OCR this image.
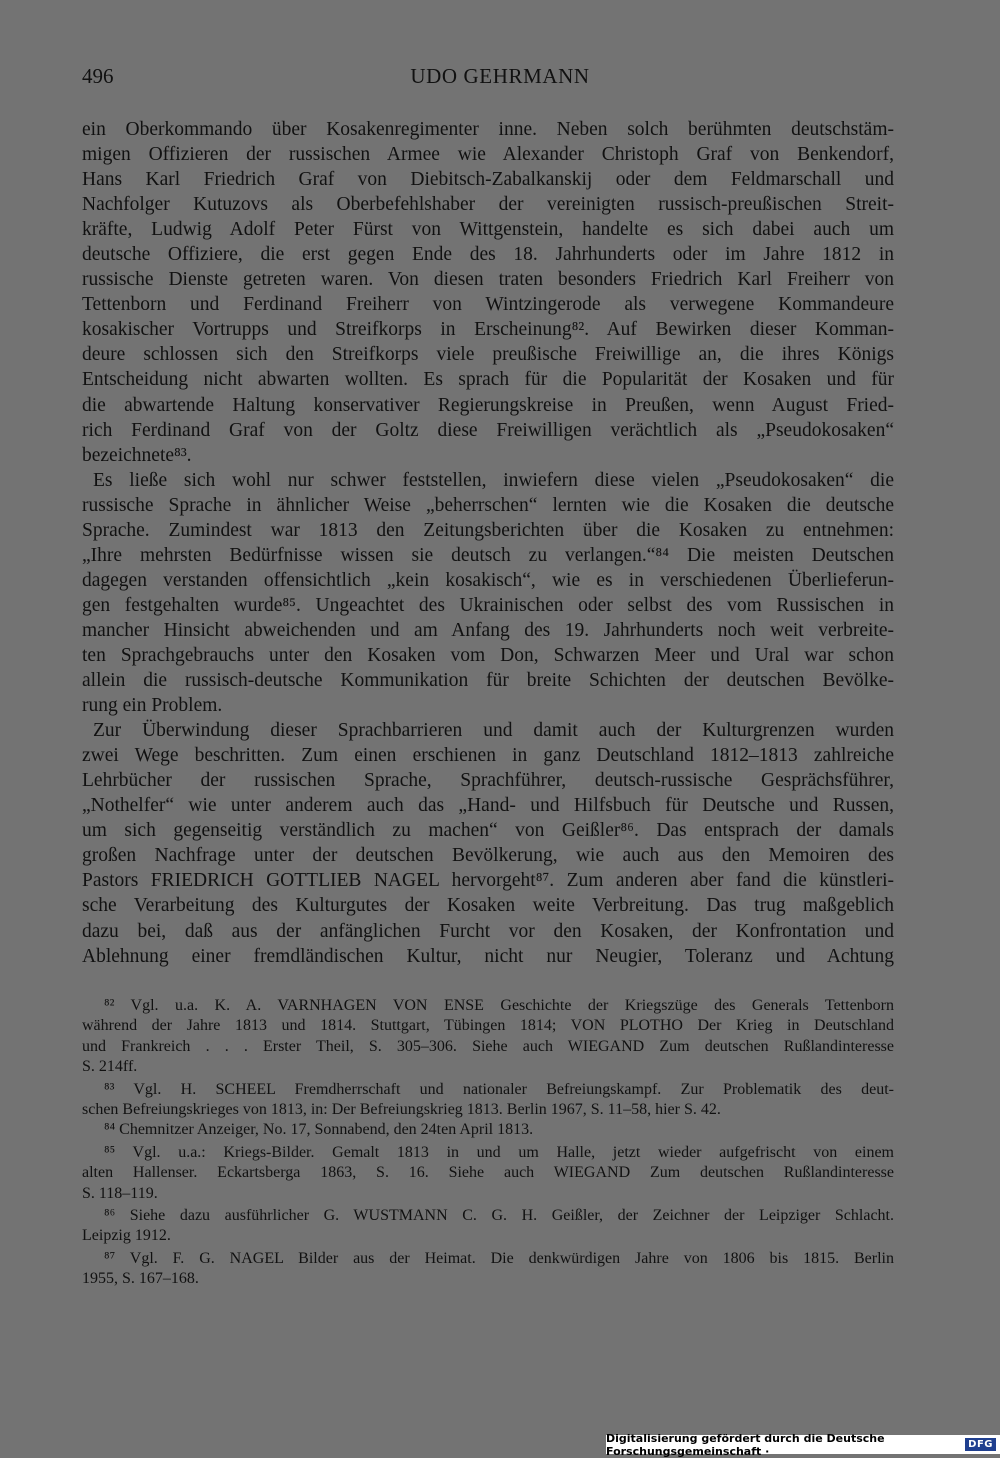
496	UDO GEHRMANN
ein Oberkommando über Kosakenregimenter inne. Neben solch berühmten deutschstäm-
migen Offizieren der russischen Armee wie Alexander Christoph Graf von Benkendorf,
Hans Karl Friedrich Graf von Diebitsch-Zabalkanskij oder dem Feldmarschall und
Nachfolger Kutuzovs als Oberbefehlshaber der vereinigten russisch-preußischen Streit-
kräfte, Ludwig Adolf Peter Fürst von Wittgenstein, handelte es sich dabei auch um
deutsche Offiziere, die erst gegen Ende des 18. Jahrhunderts oder im Jahre 1812 in
russische Dienste getreten waren. Von diesen traten besonders Friedrich Karl Freiherr von
Tettenborn und Ferdinand Freiherr von Wintzingerode als verwegene Kommandeure
kosakischer Vortrupps und Streifkorps in Erscheinung⁸². Auf Bewirken dieser Komman-
deure schlossen sich den Streifkorps viele preußische Freiwillige an, die ihres Königs
Entscheidung nicht abwarten wollten. Es sprach für die Popularität der Kosaken und für
die abwartende Haltung konservativer Regierungskreise in Preußen, wenn August Fried-
rich Ferdinand Graf von der Goltz diese Freiwilligen verächtlich als „Pseudokosaken“
bezeichnete⁸³.
Es ließe sich wohl nur schwer feststellen, inwiefern diese vielen „Pseudokosaken“ die
russische Sprache in ähnlicher Weise „beherrschen“ lernten wie die Kosaken die deutsche
Sprache. Zumindest war 1813 den Zeitungsberichten über die Kosaken zu entnehmen:
„Ihre mehrsten Bedürfnisse wissen sie deutsch zu verlangen.“⁸⁴ Die meisten Deutschen
dagegen verstanden offensichtlich „kein kosakisch“, wie es in verschiedenen Überlieferun-
gen festgehalten wurde⁸⁵. Ungeachtet des Ukrainischen oder selbst des vom Russischen in
mancher Hinsicht abweichenden und am Anfang des 19. Jahrhunderts noch weit verbreite-
ten Sprachgebrauchs unter den Kosaken vom Don, Schwarzen Meer und Ural war schon
allein die russisch-deutsche Kommunikation für breite Schichten der deutschen Bevölke-
rung ein Problem.
Zur Überwindung dieser Sprachbarrieren und damit auch der Kulturgrenzen wurden
zwei Wege beschritten. Zum einen erschienen in ganz Deutschland 1812–1813 zahlreiche
Lehrbücher der russischen Sprache, Sprachführer, deutsch-russische Gesprächsführer,
„Nothelfer“ wie unter anderem auch das „Hand- und Hilfsbuch für Deutsche und Russen,
um sich gegenseitig verständlich zu machen“ von Geißler⁸⁶. Das entsprach der damals
großen Nachfrage unter der deutschen Bevölkerung, wie auch aus den Memoiren des
Pastors FRIEDRICH GOTTLIEB NAGEL hervorgeht⁸⁷. Zum anderen aber fand die künstleri-
sche Verarbeitung des Kulturgutes der Kosaken weite Verbreitung. Das trug maßgeblich
dazu bei, daß aus der anfänglichen Furcht vor den Kosaken, der Konfrontation und
Ablehnung einer fremdländischen Kultur, nicht nur Neugier, Toleranz und Achtung
⁸² Vgl. u.a. K. A. VARNHAGEN VON ENSE Geschichte der Kriegszüge des Generals Tettenborn
während der Jahre 1813 und 1814. Stuttgart, Tübingen 1814; VON PLOTHO Der Krieg in Deutschland
und Frankreich . . . Erster Theil, S. 305–306. Siehe auch WIEGAND Zum deutschen Rußlandinteresse
S. 214ff.
⁸³ Vgl. H. SCHEEL Fremdherrschaft und nationaler Befreiungskampf. Zur Problematik des deut-
schen Befreiungskrieges von 1813, in: Der Befreiungskrieg 1813. Berlin 1967, S. 11–58, hier S. 42.
⁸⁴ Chemnitzer Anzeiger, No. 17, Sonnabend, den 24ten April 1813.
⁸⁵ Vgl. u.a.: Kriegs-Bilder. Gemalt 1813 in und um Halle, jetzt wieder aufgefrischt von einem
alten Hallenser. Eckartsberga 1863, S. 16. Siehe auch WIEGAND Zum deutschen Rußlandinteresse
S. 118–119.
⁸⁶ Siehe dazu ausführlicher G. WUSTMANN C. G. H. Geißler, der Zeichner der Leipziger Schlacht.
Leipzig 1912.
⁸⁷ Vgl. F. G. NAGEL Bilder aus der Heimat. Die denkwürdigen Jahre von 1806 bis 1815. Berlin
1955, S. 167–168.
Digitalisierung gefördert durch die Deutsche Forschungsgemeinschaft ·	DFG
